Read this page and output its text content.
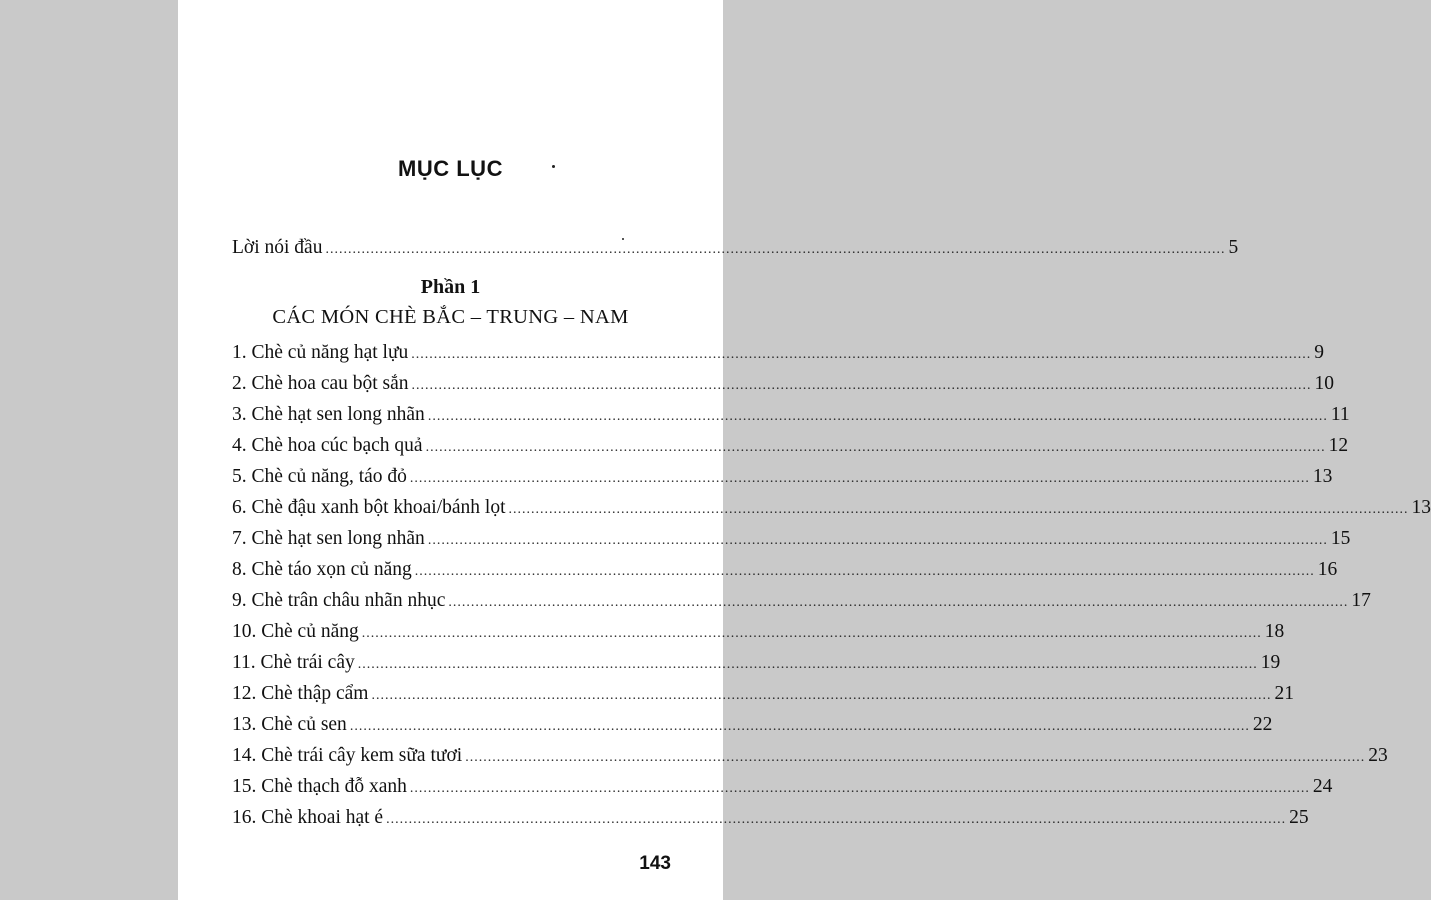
MỤC LỤC
Lời nói đầu ........................................................................................................................................................................................................ 5
Phần 1
CÁC MÓN CHÈ BẮC – TRUNG – NAM
1. Chè củ năng hạt lựu ........................................................................................................................................................................................................ 9
2. Chè hoa cau bột sắn ........................................................................................................................................................................................................ 10
3. Chè hạt sen long nhãn ........................................................................................................................................................................................................ 11
4. Chè hoa cúc bạch quả ........................................................................................................................................................................................................ 12
5. Chè củ năng, táo đỏ ........................................................................................................................................................................................................ 13
6. Chè đậu xanh bột khoai/bánh lọt ........................................................................................................................................................................................................ 13
7. Chè hạt sen long nhãn ........................................................................................................................................................................................................ 15
8. Chè táo xọn củ năng ........................................................................................................................................................................................................ 16
9. Chè trân châu nhãn nhục ........................................................................................................................................................................................................ 17
10. Chè củ năng ........................................................................................................................................................................................................ 18
11. Chè trái cây ........................................................................................................................................................................................................ 19
12. Chè thập cẩm ........................................................................................................................................................................................................ 21
13. Chè củ sen ........................................................................................................................................................................................................ 22
14. Chè trái cây kem sữa tươi ........................................................................................................................................................................................................ 23
15. Chè thạch đỗ xanh ........................................................................................................................................................................................................ 24
16. Chè khoai hạt é ........................................................................................................................................................................................................ 25
143
